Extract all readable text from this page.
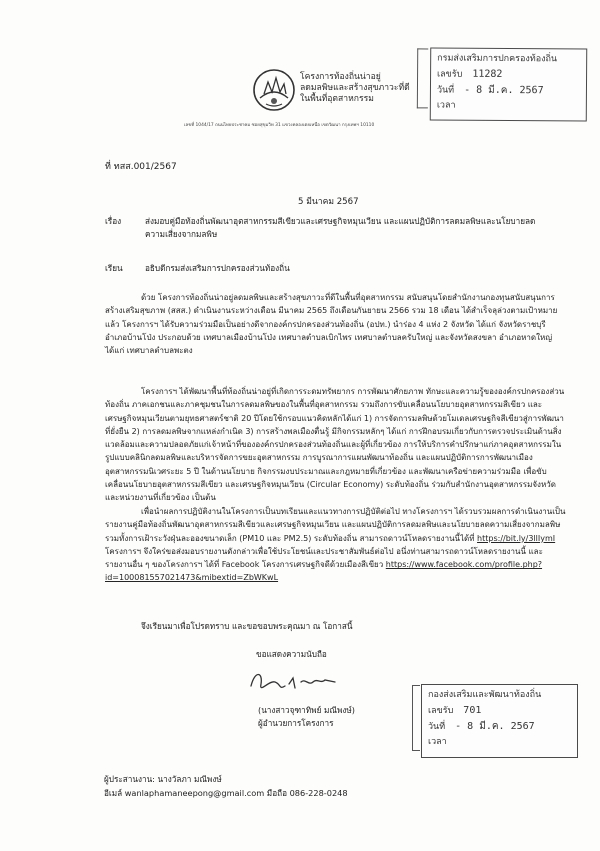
โครงการท้องถิ่นน่าอยู่
ลดมลพิษและสร้างสุขภาวะที่ดี
ในพื้นที่อุตสาหกรรม
เลขที่ 1044/17 ถนนไทยประชาคม ซอยสุขุมวิท 31 แขวงคลองเตยเหนือ เขตวัฒนา กรุงเทพฯ 10110
กรมส่งเสริมการปกครองท้องถิ่น
เลขรับ 11282
วันที่ - 8 มี.ค. 2567
เวลา
ที่ ทสส.001/2567
5 มีนาคม 2567
เรื่อง	ส่งมอบคู่มือท้องถิ่นพัฒนาอุตสาหกรรมสีเขียวและเศรษฐกิจหมุนเวียน และแผนปฏิบัติการลดมลพิษและนโยบายลดความเสี่ยงจากมลพิษ
เรียน	อธิบดีกรมส่งเสริมการปกครองส่วนท้องถิ่น
ด้วย โครงการท้องถิ่นน่าอยู่ลดมลพิษและสร้างสุขภาวะที่ดีในพื้นที่อุตสาหกรรม สนับสนุนโดยสำนักงานกองทุนสนับสนุนการสร้างเสริมสุขภาพ (สสส.) ดำเนินงานระหว่างเดือน มีนาคม 2565 ถึงเดือนกันยายน 2566 รวม 18 เดือน ได้สำเร็จลุล่วงตามเป้าหมายแล้ว โครงการฯ ได้รับความร่วมมือเป็นอย่างดีจากองค์กรปกครองส่วนท้องถิ่น (อปท.) นำร่อง 4 แห่ง 2 จังหวัด ได้แก่ จังหวัดราชบุรี อำเภอบ้านโป่ง ประกอบด้วย เทศบาลเมืองบ้านโป่ง เทศบาลตำบลเบิกไพร เทศบาลตำบลครับใหญ่ และจังหวัดสงขลา อำเภอหาดใหญ่ ได้แก่ เทศบาลตำบลพะตง
โครงการฯ ได้พัฒนาพื้นที่ท้องถิ่นน่าอยู่ที่เกิดการระดมทรัพยากร การพัฒนาศักยภาพ ทักษะและความรู้ขององค์กรปกครองส่วนท้องถิ่น ภาคเอกชนและภาคชุมชนในการลดมลพิษของในพื้นที่อุตสาหกรรม รวมถึงการขับเคลื่อนนโยบายอุตสาหกรรมสีเขียว และเศรษฐกิจหมุนเวียนตามยุทธศาสตร์ชาติ 20 ปีโดยใช้กรอบแนวคิดหลักได้แก่ 1) การจัดการมลพิษด้วยโมเดลเศรษฐกิจสีเขียวสู่การพัฒนาที่ยั่งยืน 2) การลดมลพิษจากแหล่งกำเนิด 3) การสร้างพลเมืองตื่นรู้ มีกิจกรรมหลักๆ ได้แก่ การฝึกอบรมเกี่ยวกับการตรวจประเมินด้านสิ่งแวดล้อมและความปลอดภัยแก่เจ้าหน้าที่ขององค์กรปกครองส่วนท้องถิ่นและผู้ที่เกี่ยวข้อง การให้บริการคำปรึกษาแก่ภาคอุตสาหกรรมในรูปแบบคลินิกลดมลพิษและบริหารจัดการขยะอุตสาหกรรม การบูรณาการแผนพัฒนาท้องถิ่น และแผนปฏิบัติการการพัฒนาเมืองอุตสาหกรรมนิเวศระยะ 5 ปี ในด้านนโยบาย กิจกรรมงบประมาณและกฎหมายที่เกี่ยวข้อง และพัฒนาเครือข่ายความร่วมมือ เพื่อขับเคลื่อนนโยบายอุตสาหกรรมสีเขียว และเศรษฐกิจหมุนเวียน (Circular Economy) ระดับท้องถิ่น ร่วมกับสำนักงานอุตสาหกรรมจังหวัด และหน่วยงานที่เกี่ยวข้อง เป็นต้น
เพื่อนำผลการปฏิบัติงานในโครงการเป็นบทเรียนและแนวทางการปฏิบัติต่อไป ทางโครงการฯ ได้รวบรวมผลการดำเนินงานเป็นรายงานคู่มือท้องถิ่นพัฒนาอุตสาหกรรมสีเขียวและเศรษฐกิจหมุนเวียน และแผนปฏิบัติการลดมลพิษและนโยบายลดความเสี่ยงจากมลพิษ รวมทั้งการเฝ้าระวังฝุ่นละอองขนาดเล็ก (PM10 และ PM2.5) ระดับท้องถิ่น สามารถดาวน์โหลดรายงานนี้ได้ที่ https://bit.ly/3llIymI โครงการฯ จึงใคร่ขอส่งมอบรายงานดังกล่าวเพื่อใช้ประโยชน์และประชาสัมพันธ์ต่อไป อนึ่งท่านสามารถดาวน์โหลดรายงานนี้ และรายงานอื่น ๆ ของโครงการฯ ได้ที่ Facebook โครงการเศรษฐกิจดีด้วยเมืองสีเขียว https://www.facebook.com/profile.php?id=100081557021473&mibextid=ZbWKwL
จึงเรียนมาเพื่อโปรดทราบ และขอขอบพระคุณมา ณ โอกาสนี้
ขอแสดงความนับถือ
(นางสาวจุฑาทิพย์ มณีพงษ์)
ผู้อำนวยการโครงการ
กองส่งเสริมและพัฒนาท้องถิ่น
เลขรับ 701
วันที่ - 8 มี.ค. 2567
เวลา
ผู้ประสานงาน: นางวัลภา มณีพงษ์
อีเมล์ wanlaphamaneepong@gmail.com มือถือ 086-228-0248
